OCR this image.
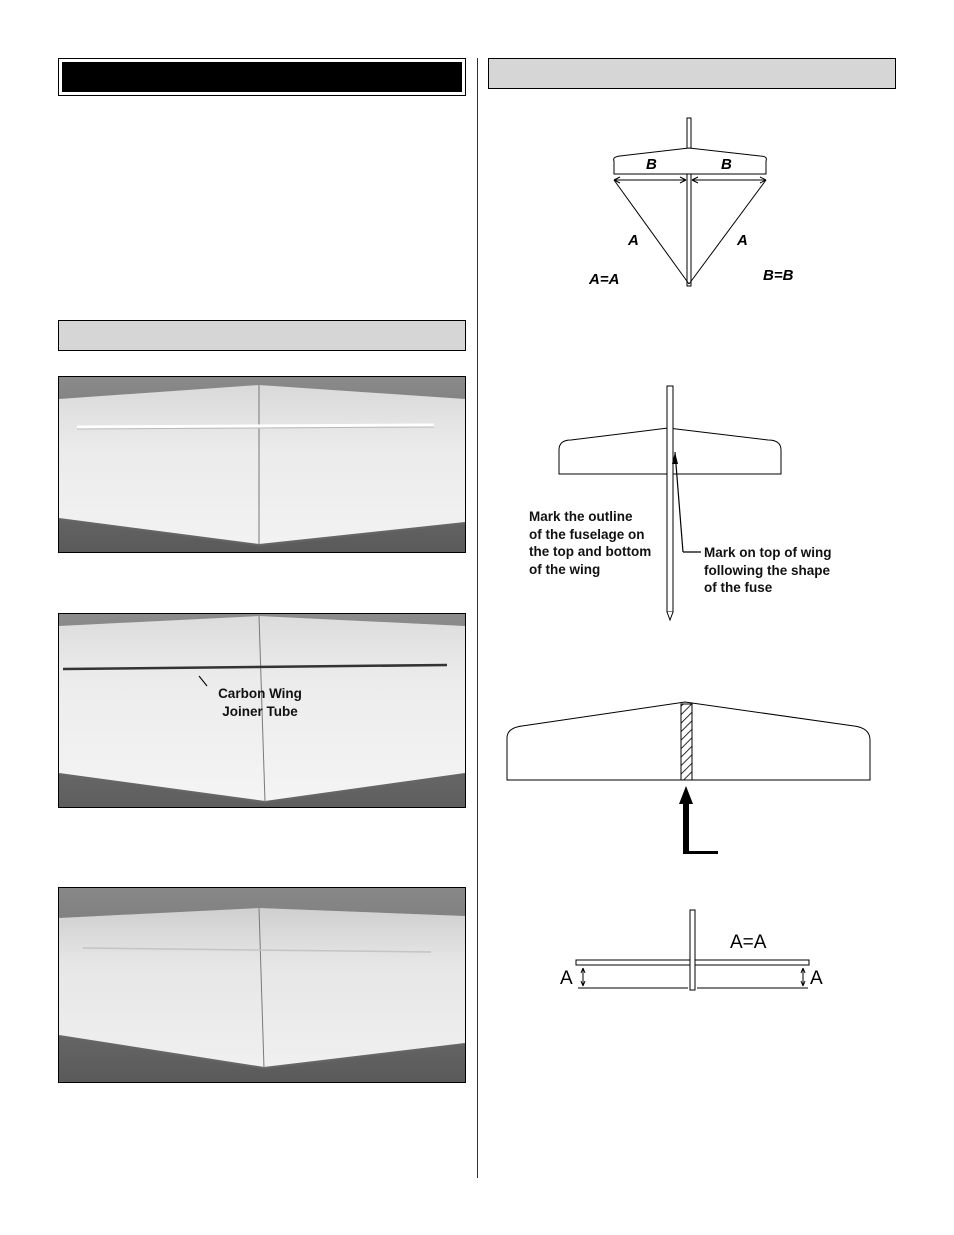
Carbon Wing
Joiner Tube
B	B
A	A
A=A	B=B
Mark the outline
of the fuselage on
the top and bottom
of the wing
Mark on top of wing
following the shape
of the fuse
A=A
A	A
